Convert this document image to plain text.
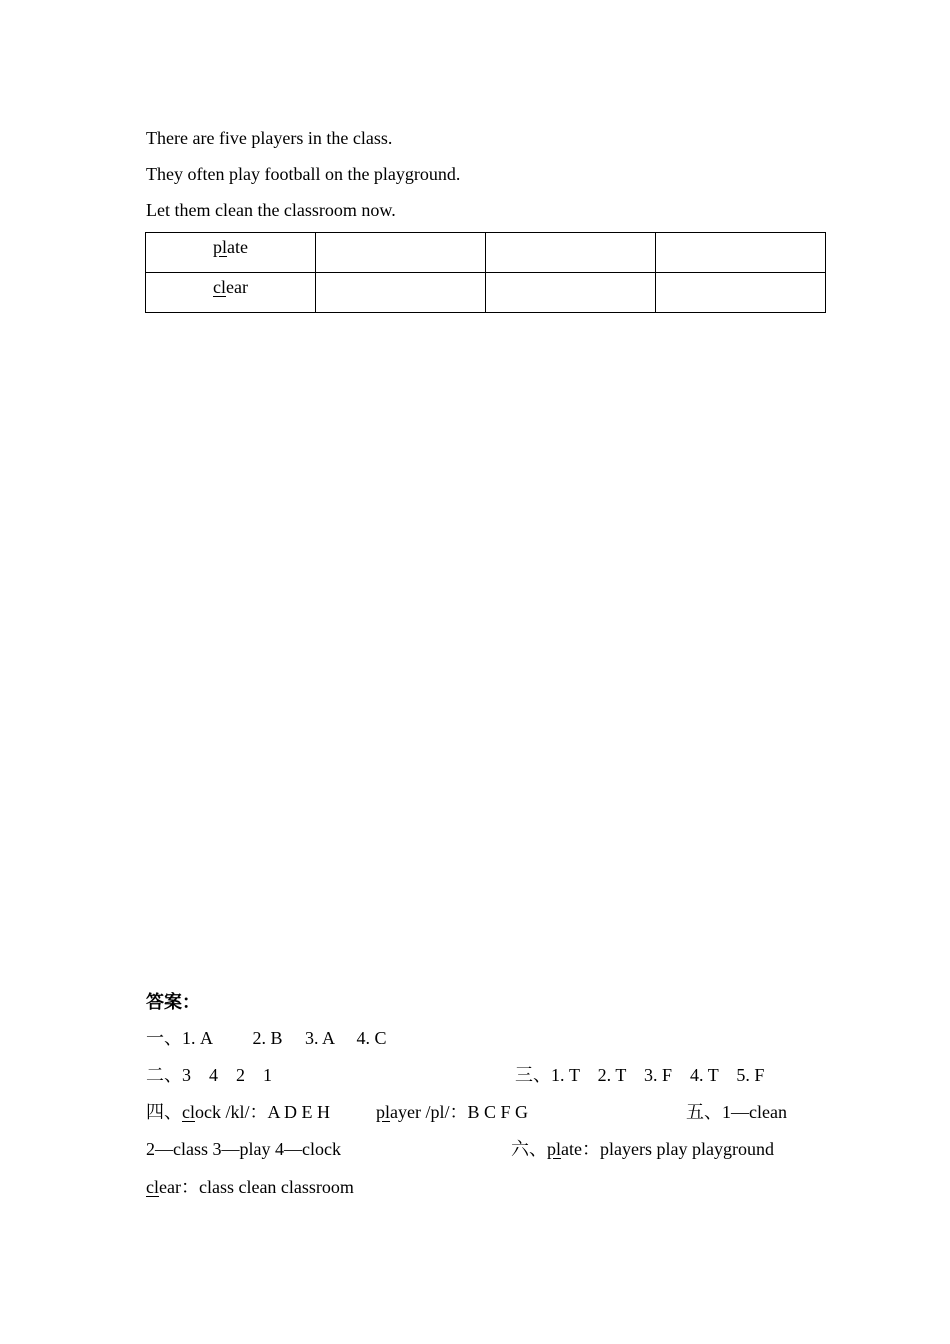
There are five players in the class.
They often play football on the playground.
Let them clean the classroom now.
plate			
clear			
答案：
一、1. A　　 2. B　 3. A　 4. C
二、3　4　2　1	三、1. T　2. T　3. F　4. T　5. F
四、clock /kl/：A D E H	player /pl/：B C F G	五、1—clean
2—class 3—play 4—clock	六、plate：players play playground
clear：class clean classroom
